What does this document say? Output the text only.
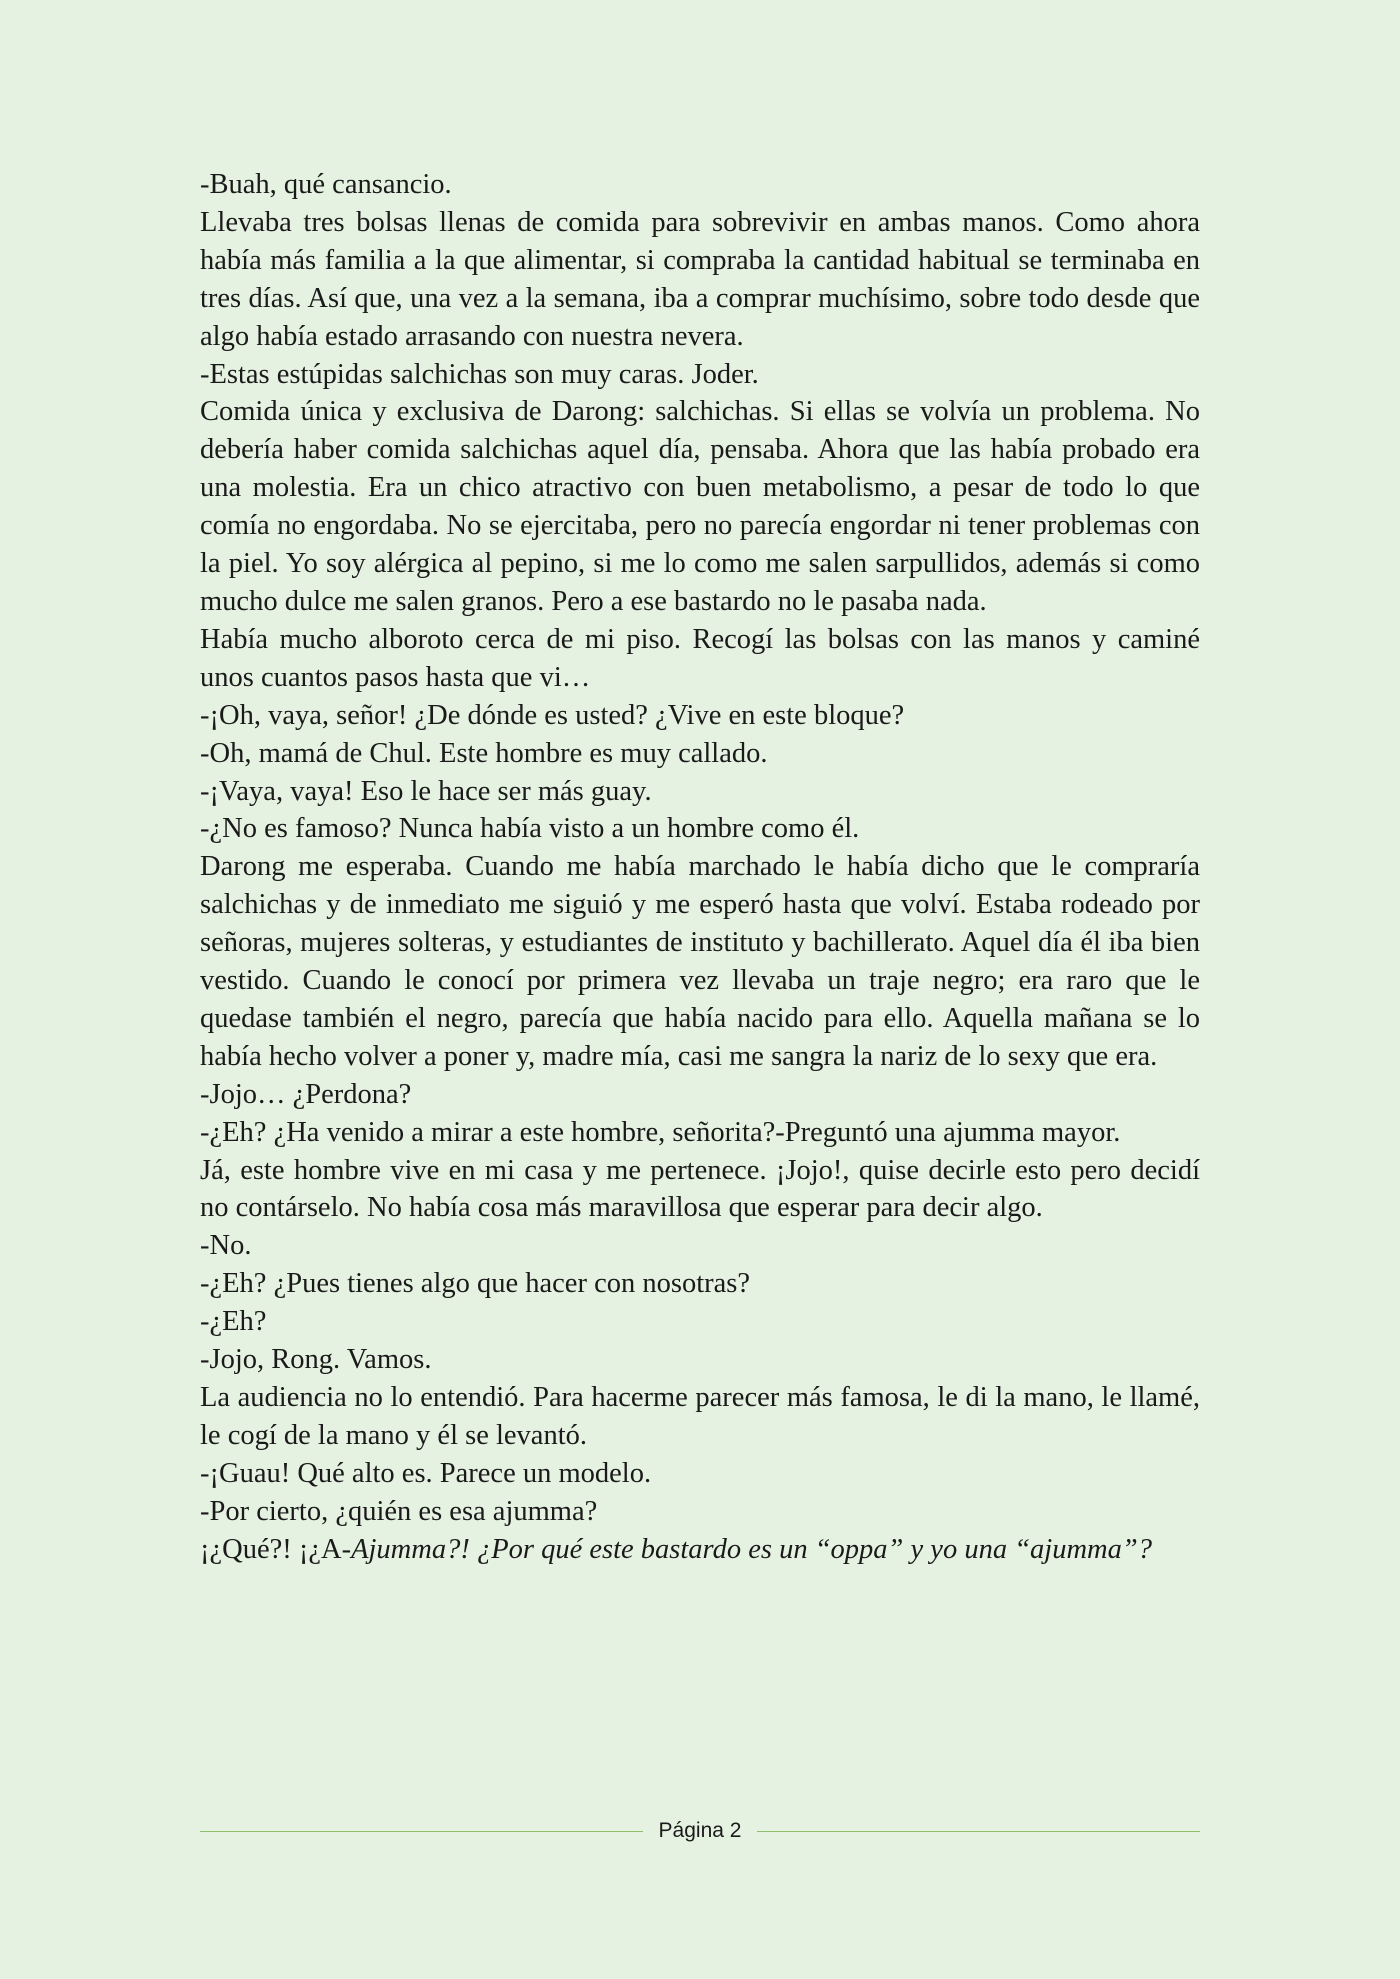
-Buah, qué cansancio.

Llevaba tres bolsas llenas de comida para sobrevivir en ambas manos. Como ahora había más familia a la que alimentar, si compraba la cantidad habitual se terminaba en tres días. Así que, una vez a la semana, iba a comprar muchísimo, sobre todo desde que algo había estado arrasando con nuestra nevera.

-Estas estúpidas salchichas son muy caras. Joder.

Comida única y exclusiva de Darong: salchichas. Si ellas se volvía un problema. No debería haber comida salchichas aquel día, pensaba. Ahora que las había probado era una molestia. Era un chico atractivo con buen metabolismo, a pesar de todo lo que comía no engordaba. No se ejercitaba, pero no parecía engordar ni tener problemas con la piel. Yo soy alérgica al pepino, si me lo como me salen sarpullidos, además si como mucho dulce me salen granos. Pero a ese bastardo no le pasaba nada.

Había mucho alboroto cerca de mi piso. Recogí las bolsas con las manos y caminé unos cuantos pasos hasta que vi…

-¡Oh, vaya, señor! ¿De dónde es usted? ¿Vive en este bloque?

-Oh, mamá de Chul. Este hombre es muy callado.

-¡Vaya, vaya! Eso le hace ser más guay.

-¿No es famoso? Nunca había visto a un hombre como él.

Darong me esperaba. Cuando me había marchado le había dicho que le compraría salchichas y de inmediato me siguió y me esperó hasta que volví. Estaba rodeado por señoras, mujeres solteras, y estudiantes de instituto y bachillerato. Aquel día él iba bien vestido. Cuando le conocí por primera vez llevaba un traje negro; era raro que le quedase también el negro, parecía que había nacido para ello. Aquella mañana se lo había hecho volver a poner y, madre mía, casi me sangra la nariz de lo sexy que era.

-Jojo… ¿Perdona?

-¿Eh? ¿Ha venido a mirar a este hombre, señorita?-Preguntó una ajumma mayor.

Já, este hombre vive en mi casa y me pertenece. ¡Jojo!, quise decirle esto pero decidí no contárselo. No había cosa más maravillosa que esperar para decir algo.

-No.

-¿Eh? ¿Pues tienes algo que hacer con nosotras?

-¿Eh?

-Jojo, Rong. Vamos.

La audiencia no lo entendió. Para hacerme parecer más famosa, le di la mano, le llamé, le cogí de la mano y él se levantó.

-¡Guau! Qué alto es. Parece un modelo.

-Por cierto, ¿quién es esa ajumma?

¡¿Qué?! ¡¿A-Ajumma?! ¿Por qué este bastardo es un “oppa” y yo una “ajumma”?

Página 2
